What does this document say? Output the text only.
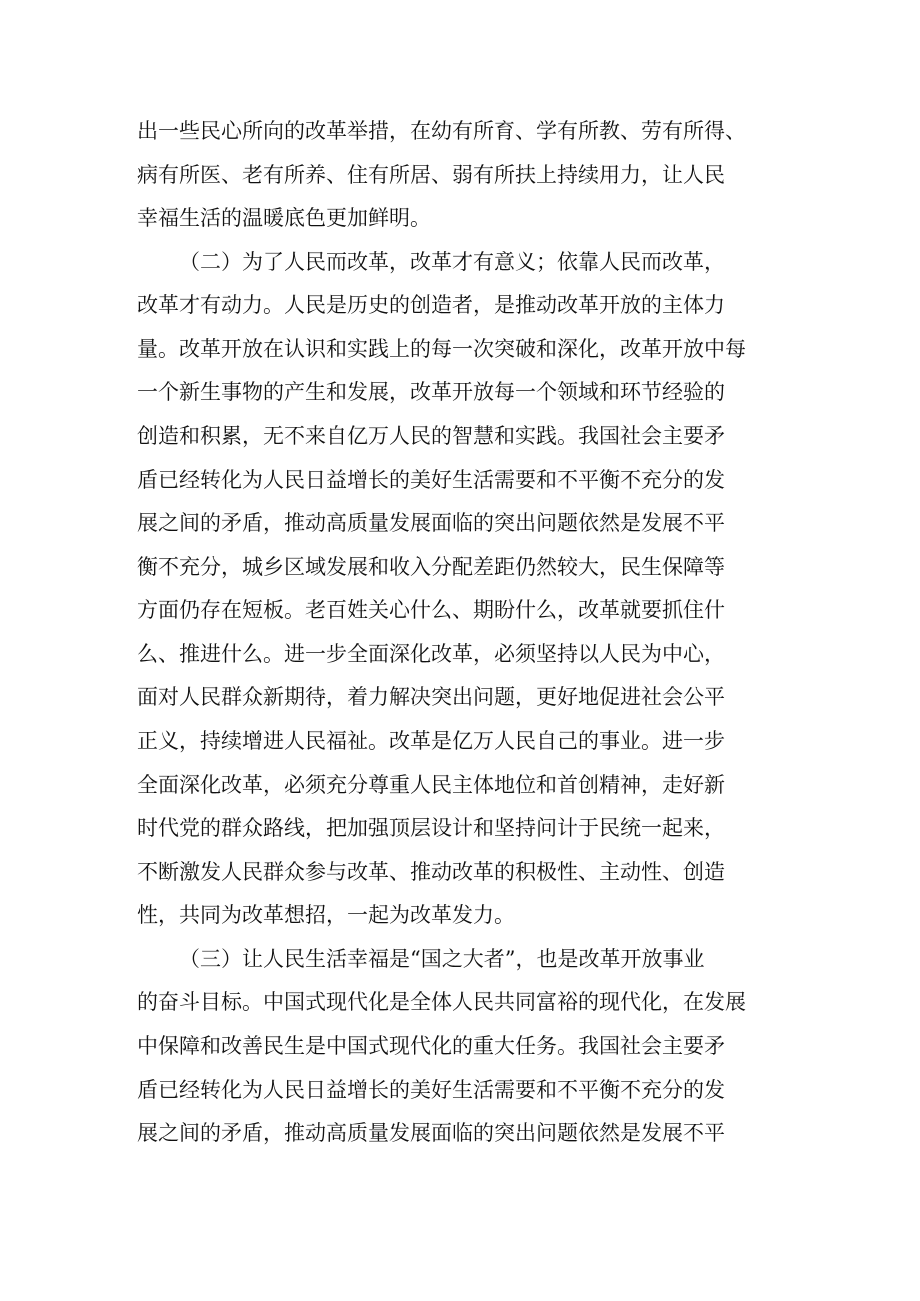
出一些民心所向的改革举措，在幼有所育、学有所教、劳有所得、
病有所医、老有所养、住有所居、弱有所扶上持续用力，让人民
幸福生活的温暖底色更加鲜明。
（二）为了人民而改革，改革才有意义；依靠人民而改革，
改革才有动力。人民是历史的创造者，是推动改革开放的主体力
量。改革开放在认识和实践上的每一次突破和深化，改革开放中每
一个新生事物的产生和发展，改革开放每一个领域和环节经验的
创造和积累，无不来自亿万人民的智慧和实践。我国社会主要矛
盾已经转化为人民日益增长的美好生活需要和不平衡不充分的发
展之间的矛盾，推动高质量发展面临的突出问题依然是发展不平
衡不充分，城乡区域发展和收入分配差距仍然较大，民生保障等
方面仍存在短板。老百姓关心什么、期盼什么，改革就要抓住什
么、推进什么。进一步全面深化改革，必须坚持以人民为中心，
面对人民群众新期待，着力解决突出问题，更好地促进社会公平
正义，持续增进人民福祉。改革是亿万人民自己的事业。进一步
全面深化改革，必须充分尊重人民主体地位和首创精神，走好新
时代党的群众路线，把加强顶层设计和坚持问计于民统一起来，
不断激发人民群众参与改革、推动改革的积极性、主动性、创造
性，共同为改革想招，一起为改革发力。
（三）让人民生活幸福是“国之大者”，也是改革开放事业
的奋斗目标。中国式现代化是全体人民共同富裕的现代化，在发展
中保障和改善民生是中国式现代化的重大任务。我国社会主要矛
盾已经转化为人民日益增长的美好生活需要和不平衡不充分的发
展之间的矛盾，推动高质量发展面临的突出问题依然是发展不平
